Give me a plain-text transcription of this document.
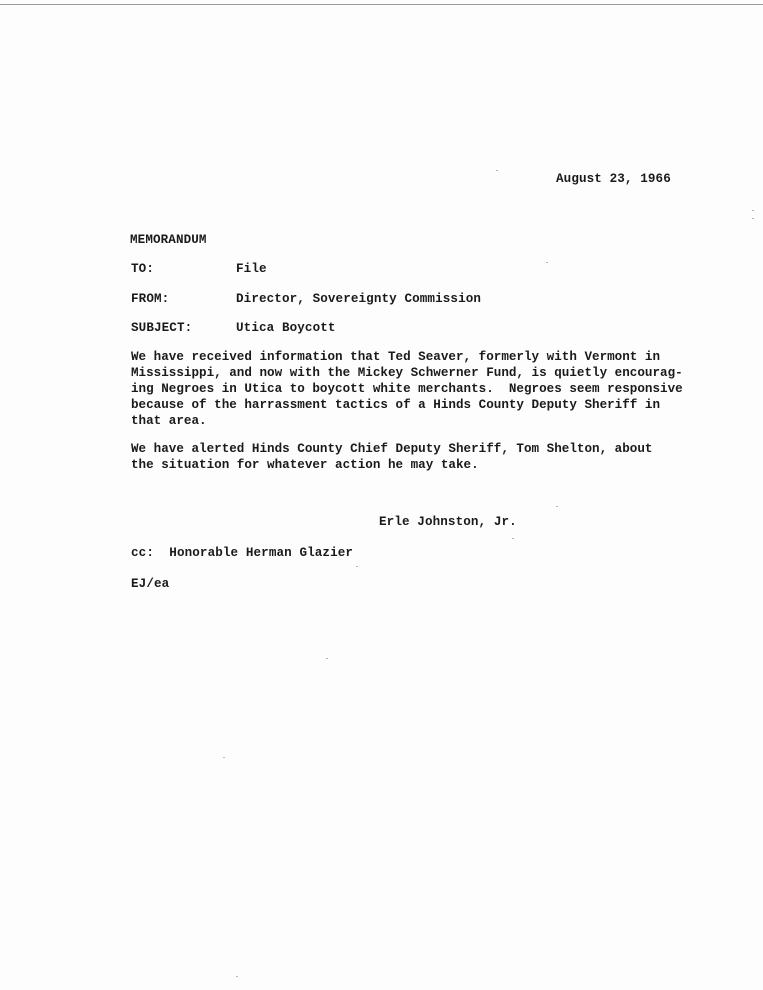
August 23, 1966
MEMORANDUM
TO:	File
FROM:	Director, Sovereignty Commission
SUBJECT:	Utica Boycott
We have received information that Ted Seaver, formerly with Vermont in
Mississippi, and now with the Mickey Schwerner Fund, is quietly encourag-
ing Negroes in Utica to boycott white merchants.  Negroes seem responsive
because of the harrassment tactics of a Hinds County Deputy Sheriff in
that area.
We have alerted Hinds County Chief Deputy Sheriff, Tom Shelton, about
the situation for whatever action he may take.
Erle Johnston, Jr.
cc:  Honorable Herman Glazier
EJ/ea
